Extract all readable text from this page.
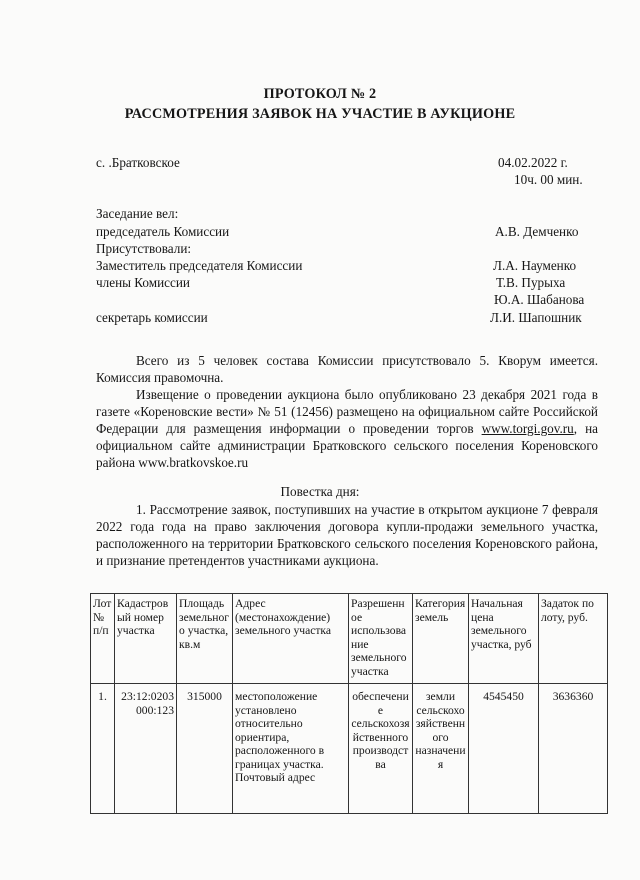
ПРОТОКОЛ № 2
РАССМОТРЕНИЯ ЗАЯВОК НА УЧАСТИЕ В АУКЦИОНЕ
с. .Братковское	04.02.2022 г.
10ч. 00 мин.
Заседание вел:
председатель Комиссии	А.В. Демченко
Присутствовали:
Заместитель председателя Комиссии	Л.А. Науменко
члены Комиссии	Т.В. Пурыха
Ю.А. Шабанова
секретарь комиссии	Л.И. Шапошник
Всего из 5 человек состава Комиссии присутствовало 5. Кворум имеется. Комиссия правомочна.
Извещение о проведении аукциона было опубликовано 23 декабря 2021 года в газете «Кореновские вести» № 51 (12456) размещено на официальном сайте Российской Федерации для размещения информации о проведении торгов www.torgi.gov.ru, на официальном сайте администрации Братковского сельского поселения Кореновского района www.bratkovskoe.ru
Повестка дня:
1. Рассмотрение заявок, поступивших на участие в открытом аукционе 7 февраля 2022 года года на право заключения договора купли-продажи земельного участка, расположенного на территории Братковского сельского поселения Кореновского района, и признание претендентов участниками аукциона.
Лот № п/п	Кадастровый номер участка	Площадь земельного участка, кв.м	Адрес (местонахождение) земельного участка	Разрешенное использование земельного участка	Категория земель	Начальная цена земельного участка, руб	Задаток по лоту, руб.
1.	23:12:0203000:123	315000	местоположение установлено относительно ориентира, расположенного в границах участка. Почтовый адрес	обеспечение сельскохозяйственного производства	земли сельскохозяйственного назначения	4545450	3636360
